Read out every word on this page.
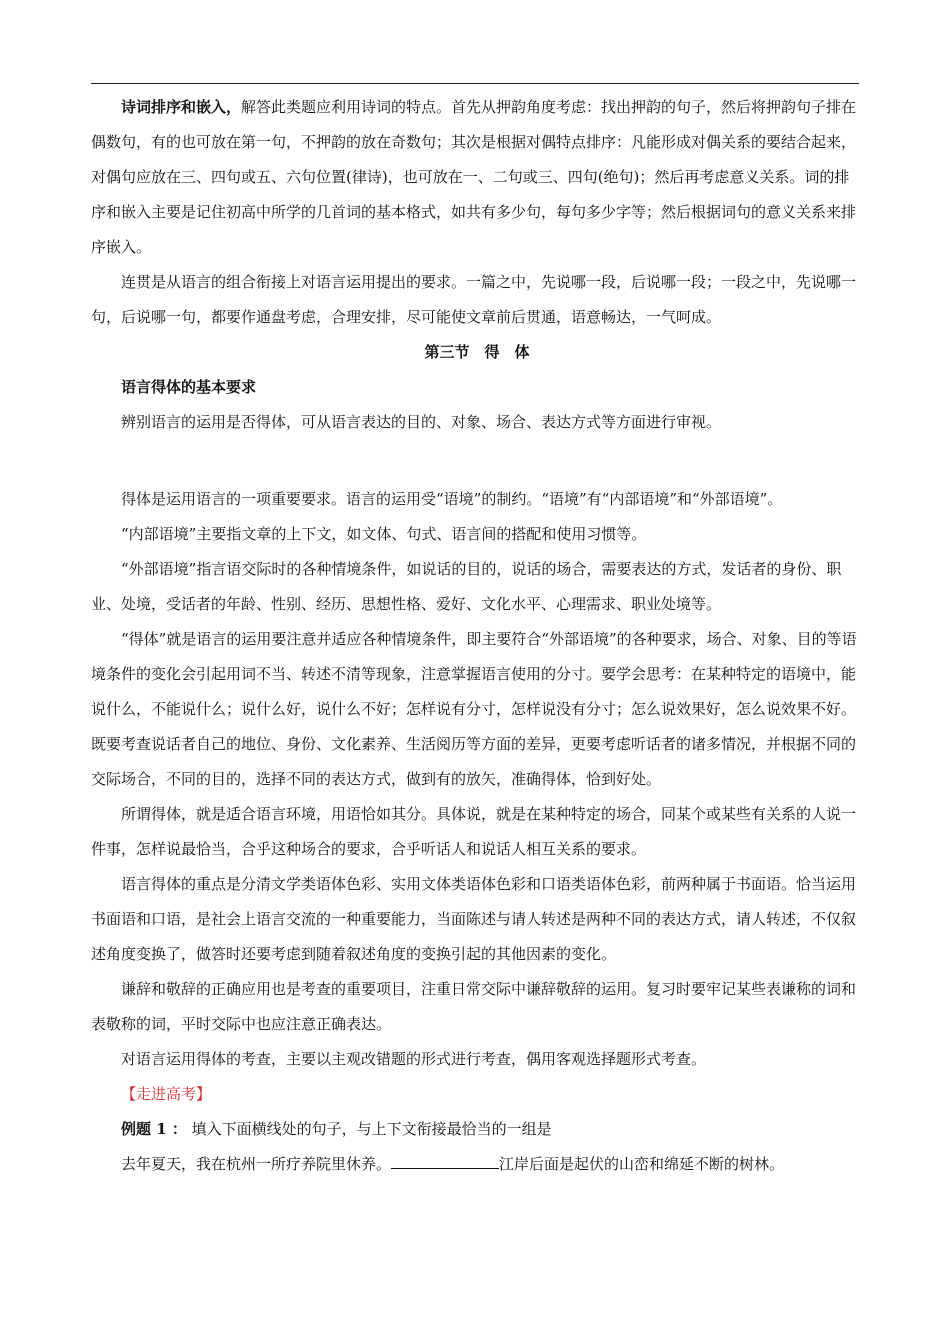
诗词排序和嵌入，解答此类题应利用诗词的特点。首先从押韵角度考虑：找出押韵的句子，然后将押韵句子排在偶数句，有的也可放在第一句，不押韵的放在奇数句；其次是根据对偶特点排序：凡能形成对偶关系的要结合起来，对偶句应放在三、四句或五、六句位置(律诗)，也可放在一、二句或三、四句(绝句)；然后再考虑意义关系。词的排序和嵌入主要是记住初高中所学的几首词的基本格式，如共有多少句，每句多少字等；然后根据词句的意义关系来排序嵌入。

连贯是从语言的组合衔接上对语言运用提出的要求。一篇之中，先说哪一段，后说哪一段；一段之中，先说哪一句，后说哪一句，都要作通盘考虑，合理安排，尽可能使文章前后贯通，语意畅达，一气呵成。

第三节　得　体

语言得体的基本要求

辨别语言的运用是否得体，可从语言表达的目的、对象、场合、表达方式等方面进行审视。

得体是运用语言的一项重要要求。语言的运用受“语境”的制约。“语境”有“内部语境”和“外部语境”。

“内部语境”主要指文章的上下文，如文体、句式、语言间的搭配和使用习惯等。

“外部语境”指言语交际时的各种情境条件，如说话的目的，说话的场合，需要表达的方式，发话者的身份、职业、处境，受话者的年龄、性别、经历、思想性格、爱好、文化水平、心理需求、职业处境等。

“得体”就是语言的运用要注意并适应各种情境条件，即主要符合“外部语境”的各种要求，场合、对象、目的等语境条件的变化会引起用词不当、转述不清等现象，注意掌握语言使用的分寸。要学会思考：在某种特定的语境中，能说什么，不能说什么；说什么好，说什么不好；怎样说有分寸，怎样说没有分寸；怎么说效果好，怎么说效果不好。既要考查说话者自己的地位、身份、文化素养、生活阅历等方面的差异，更要考虑听话者的诸多情况，并根据不同的交际场合，不同的目的，选择不同的表达方式，做到有的放矢，准确得体，恰到好处。

所谓得体，就是适合语言环境，用语恰如其分。具体说，就是在某种特定的场合，同某个或某些有关系的人说一件事，怎样说最恰当，合乎这种场合的要求，合乎听话人和说话人相互关系的要求。

语言得体的重点是分清文学类语体色彩、实用文体类语体色彩和口语类语体色彩，前两种属于书面语。恰当运用书面语和口语，是社会上语言交流的一种重要能力，当面陈述与请人转述是两种不同的表达方式，请人转述，不仅叙述角度变换了，做答时还要考虑到随着叙述角度的变换引起的其他因素的变化。

谦辞和敬辞的正确应用也是考查的重要项目，注重日常交际中谦辞敬辞的运用。复习时要牢记某些表谦称的词和表敬称的词，平时交际中也应注意正确表达。

对语言运用得体的考查，主要以主观改错题的形式进行考查，偶用客观选择题形式考查。

【走进高考】

例题 1 ： 填入下面横线处的句子，与上下文衔接最恰当的一组是

去年夏天，我在杭州一所疗养院里休养。	江岸后面是起伏的山峦和绵延不断的树林。
